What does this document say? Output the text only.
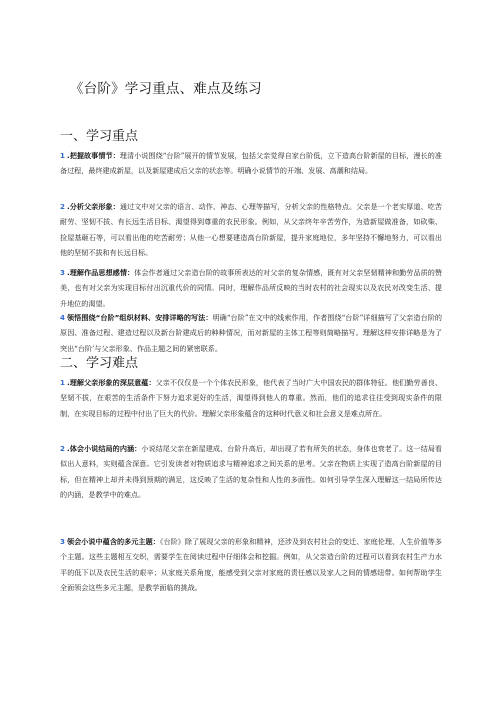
《台阶》学习重点、难点及练习
一、学习重点
1 .把握故事情节：理清小说围绕“台阶”展开的情节发展，包括父亲觉得自家台阶低，立下造高台阶新屋的目标，漫长的准备过程，最终建成新屋，以及新屋建成后父亲的状态等。明确小说情节的开端、发展、高潮和结局。
2 .分析父亲形象：通过文中对父亲的语言、动作、神态、心理等描写，分析父亲的性格特点。父亲是一个老实厚道、吃苦耐劳、坚韧不拔、有长远生活目标、渴望得到尊重的农民形象。例如，从父亲终年辛苦劳作，为造新屋做准备，如砍柴、捡屋基砸石等，可以看出他的吃苦耐劳；从他一心想要建造高台阶新屋，提升家庭地位，多年坚持不懈地努力，可以看出他的坚韧不拔和有长远目标。
3 .理解作品思想感情：体会作者通过父亲造台阶的故事所表达的对父亲的复杂情感，既有对父亲坚韧精神和勤劳品质的赞美，也有对父亲为实现目标付出沉重代价的同情。同时，理解作品所反映的当时农村的社会现实以及农民对改变生活、提升地位的渴望。
4 领悟围绕“台阶”组织材料、安排详略的写法：明确“台阶”在文中的线索作用，作者围绕“台阶”详细描写了父亲造台阶的原因、准备过程、建造过程以及新台阶建成后的种种情况，而对新屋的主体工程等则简略描写。理解这样安排详略是为了突出“台阶’与父亲形象、作品主题之间的紧密联系。
二、学习难点
1 .理解父亲形象的深层意蕴：父亲不仅仅是一个个体农民形象，他代表了当时广大中国农民的群体特征。他们勤劳善良、坚韧不拔，在艰苦的生活条件下努力追求更好的生活，渴望得到他人的尊重。然而，他们的追求往往受到现实条件的限制，在实现目标的过程中付出了巨大的代价。理解父亲形象蕴含的这种时代意义和社会意义是难点所在。
2 .体会小说结局的内涵：小说结尾父亲在新屋建成、台阶升高后，却出现了若有所失的状态，身体也衰老了。这一结局看似出人意料，实则蕴含深意。它引发读者对物质追求与精神追求之间关系的思考。父亲在物质上实现了造高台阶新屋的目标，但在精神上却并未得到预期的满足，这反映了生活的复杂性和人性的多面性。如何引导学生深入理解这一结局所传达的内涵，是教学中的难点。
3 领会小说中蕴含的多元主题：《台阶》除了展现父亲的形象和精神，还涉及到农村社会的变迁、家庭伦理、人生价值等多个主题。这些主题相互交织，需要学生在阅读过程中仔细体会和挖掘。例如，从父亲造台阶的过程可以看到农村生产力水平的低下以及农民生活的艰辛；从家庭关系角度，能感受到父亲对家庭的责任感以及家人之间的情感纽带。如何帮助学生全面领会这些多元主题，是教学面临的挑战。
